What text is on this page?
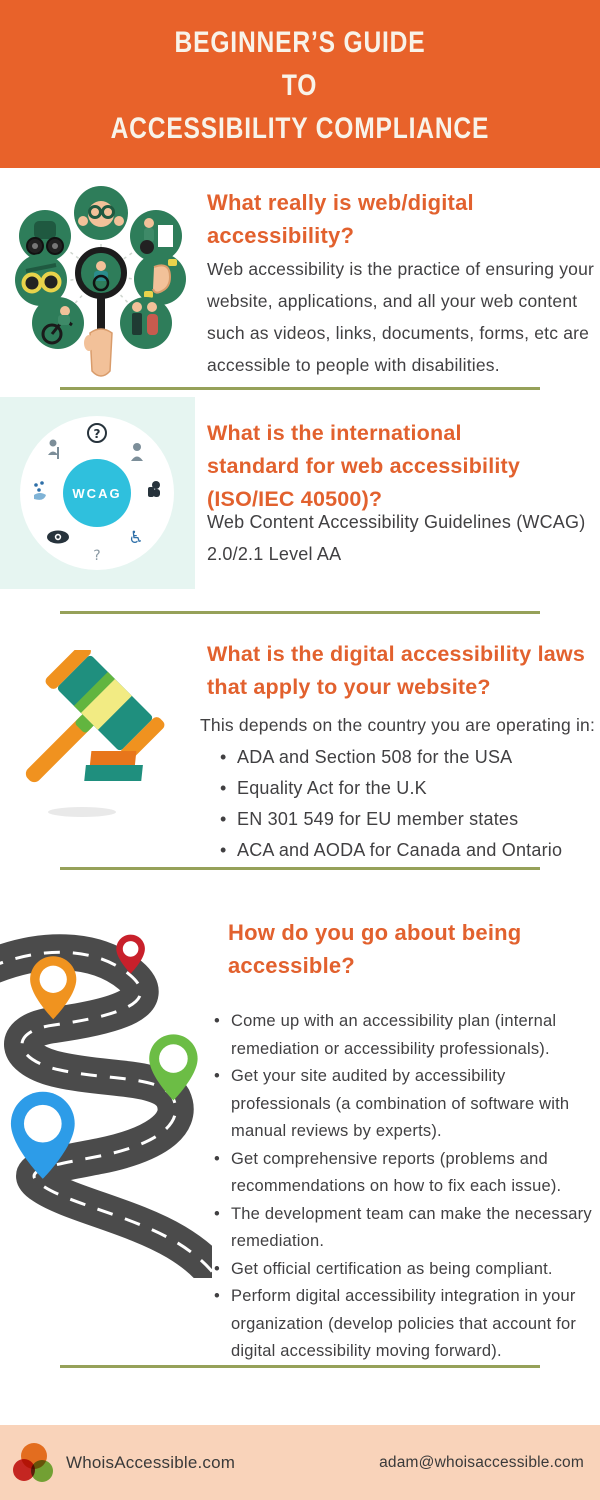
BEGINNER’S GUIDE
TO
ACCESSIBILITY COMPLIANCE
What really is web/digital accessibility?

Web accessibility is the practice of ensuring your website, applications, and all your web content such as videos, links, documents, forms, etc are accessible to people with disabilities.

?
♿
?
WCAG
What is the international standard for web accessibility (ISO/IEC 40500)?

Web Content Accessibility Guidelines (WCAG) 2.0/2.1 Level AA

What is the digital accessibility laws that apply to your website?

This depends on the country you are operating in:

• ADA and Section 508 for the USA
• Equality Act for the U.K
• EN 301 549 for EU member states
• ACA and AODA for Canada and Ontario
How do you go about being accessible?
• Come up with an accessibility plan (internal remediation or accessibility professionals).
• Get your site audited by accessibility professionals (a combination of software with manual reviews by experts).
• Get comprehensive reports (problems and recommendations on how to fix each issue).
• The development team can make the necessary remediation.
• Get official certification as being compliant.
• Perform digital accessibility integration in your organization (develop policies that account for digital accessibility moving forward).
WhoisAccessible.com	adam@whoisaccessible.com
